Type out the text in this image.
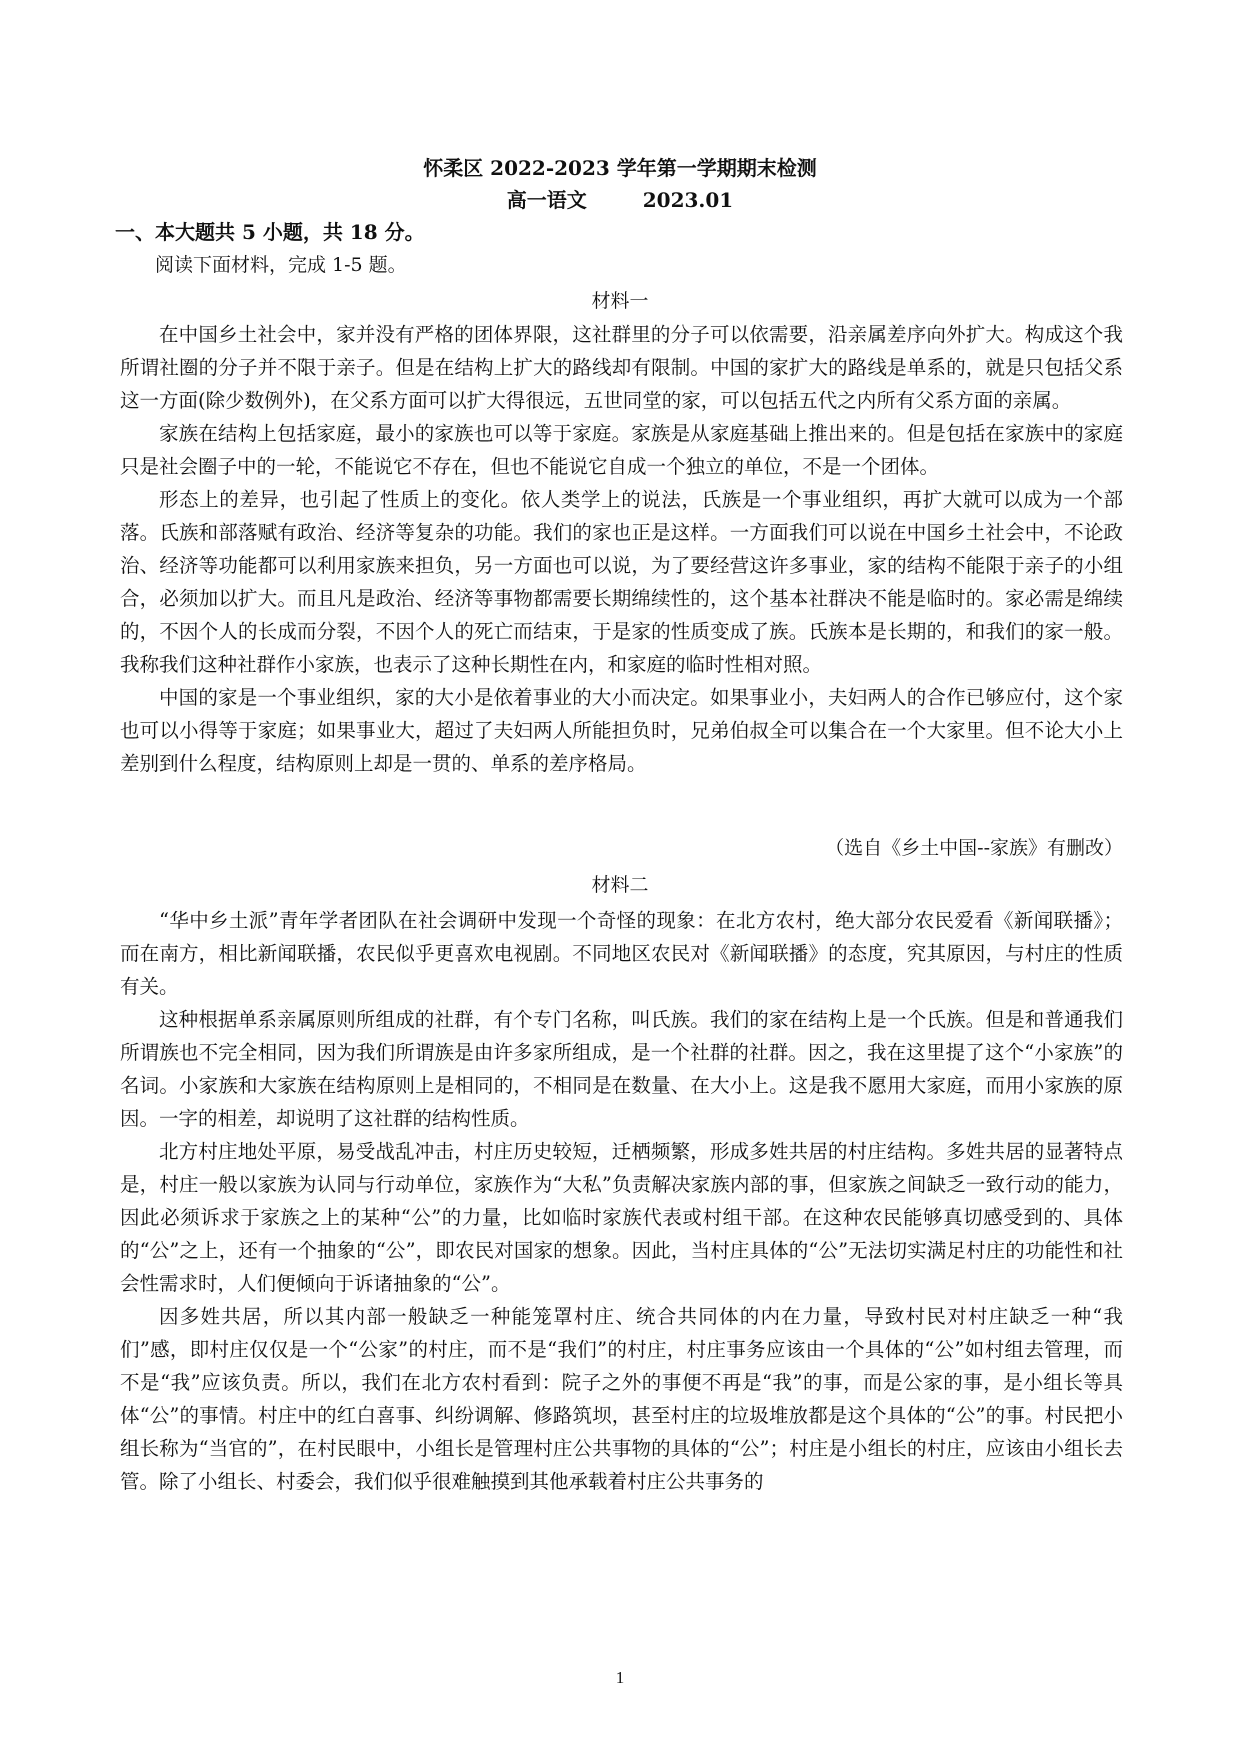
怀柔区 2022-2023 学年第一学期期末检测
高一语文	2023.01
一、本大题共 5 小题，共 18 分。
阅读下面材料，完成 1-5 题。
材料一

在中国乡土社会中，家并没有严格的团体界限，这社群里的分子可以依需要，沿亲属差序向外扩大。构成这个我所谓社圈的分子并不限于亲子。但是在结构上扩大的路线却有限制。中国的家扩大的路线是单系的，就是只包括父系这一方面(除少数例外)，在父系方面可以扩大得很远，五世同堂的家，可以包括五代之内所有父系方面的亲属。

家族在结构上包括家庭，最小的家族也可以等于家庭。家族是从家庭基础上推出来的。但是包括在家族中的家庭只是社会圈子中的一轮，不能说它不存在，但也不能说它自成一个独立的单位，不是一个团体。

形态上的差异，也引起了性质上的变化。依人类学上的说法，氏族是一个事业组织，再扩大就可以成为一个部落。氏族和部落赋有政治、经济等复杂的功能。我们的家也正是这样。一方面我们可以说在中国乡土社会中，不论政治、经济等功能都可以利用家族来担负，另一方面也可以说，为了要经营这许多事业，家的结构不能限于亲子的小组合，必须加以扩大。而且凡是政治、经济等事物都需要长期绵续性的，这个基本社群决不能是临时的。家必需是绵续的，不因个人的长成而分裂，不因个人的死亡而结束，于是家的性质变成了族。氏族本是长期的，和我们的家一般。我称我们这种社群作小家族，也表示了这种长期性在内，和家庭的临时性相对照。

中国的家是一个事业组织，家的大小是依着事业的大小而决定。如果事业小，夫妇两人的合作已够应付，这个家也可以小得等于家庭；如果事业大，超过了夫妇两人所能担负时，兄弟伯叔全可以集合在一个大家里。但不论大小上差别到什么程度，结构原则上却是一贯的、单系的差序格局。

（选自《乡土中国--家族》有删改）
材料二

“华中乡土派”青年学者团队在社会调研中发现一个奇怪的现象：在北方农村，绝大部分农民爱看《新闻联播》；而在南方，相比新闻联播，农民似乎更喜欢电视剧。不同地区农民对《新闻联播》的态度，究其原因，与村庄的性质有关。

这种根据单系亲属原则所组成的社群，有个专门名称，叫氏族。我们的家在结构上是一个氏族。但是和普通我们所谓族也不完全相同，因为我们所谓族是由许多家所组成，是一个社群的社群。因之，我在这里提了这个“小家族”的名词。小家族和大家族在结构原则上是相同的，不相同是在数量、在大小上。这是我不愿用大家庭，而用小家族的原因。一字的相差，却说明了这社群的结构性质。

北方村庄地处平原，易受战乱冲击，村庄历史较短，迁栖频繁，形成多姓共居的村庄结构。多姓共居的显著特点是，村庄一般以家族为认同与行动单位，家族作为“大私”负责解决家族内部的事，但家族之间缺乏一致行动的能力，因此必须诉求于家族之上的某种“公”的力量，比如临时家族代表或村组干部。在这种农民能够真切感受到的、具体的“公”之上，还有一个抽象的“公”，即农民对国家的想象。因此，当村庄具体的“公”无法切实满足村庄的功能性和社会性需求时，人们便倾向于诉诸抽象的“公”。

因多姓共居，所以其内部一般缺乏一种能笼罩村庄、统合共同体的内在力量，导致村民对村庄缺乏一种“我们”感，即村庄仅仅是一个“公家”的村庄，而不是“我们”的村庄，村庄事务应该由一个具体的“公”如村组去管理，而不是“我”应该负责。所以，我们在北方农村看到：院子之外的事便不再是“我”的事，而是公家的事，是小组长等具体“公”的事情。村庄中的红白喜事、纠纷调解、修路筑坝，甚至村庄的垃圾堆放都是这个具体的“公”的事。村民把小组长称为“当官的”，在村民眼中，小组长是管理村庄公共事物的具体的“公”；村庄是小组长的村庄，应该由小组长去管。除了小组长、村委会，我们似乎很难触摸到其他承载着村庄公共事务的

1
